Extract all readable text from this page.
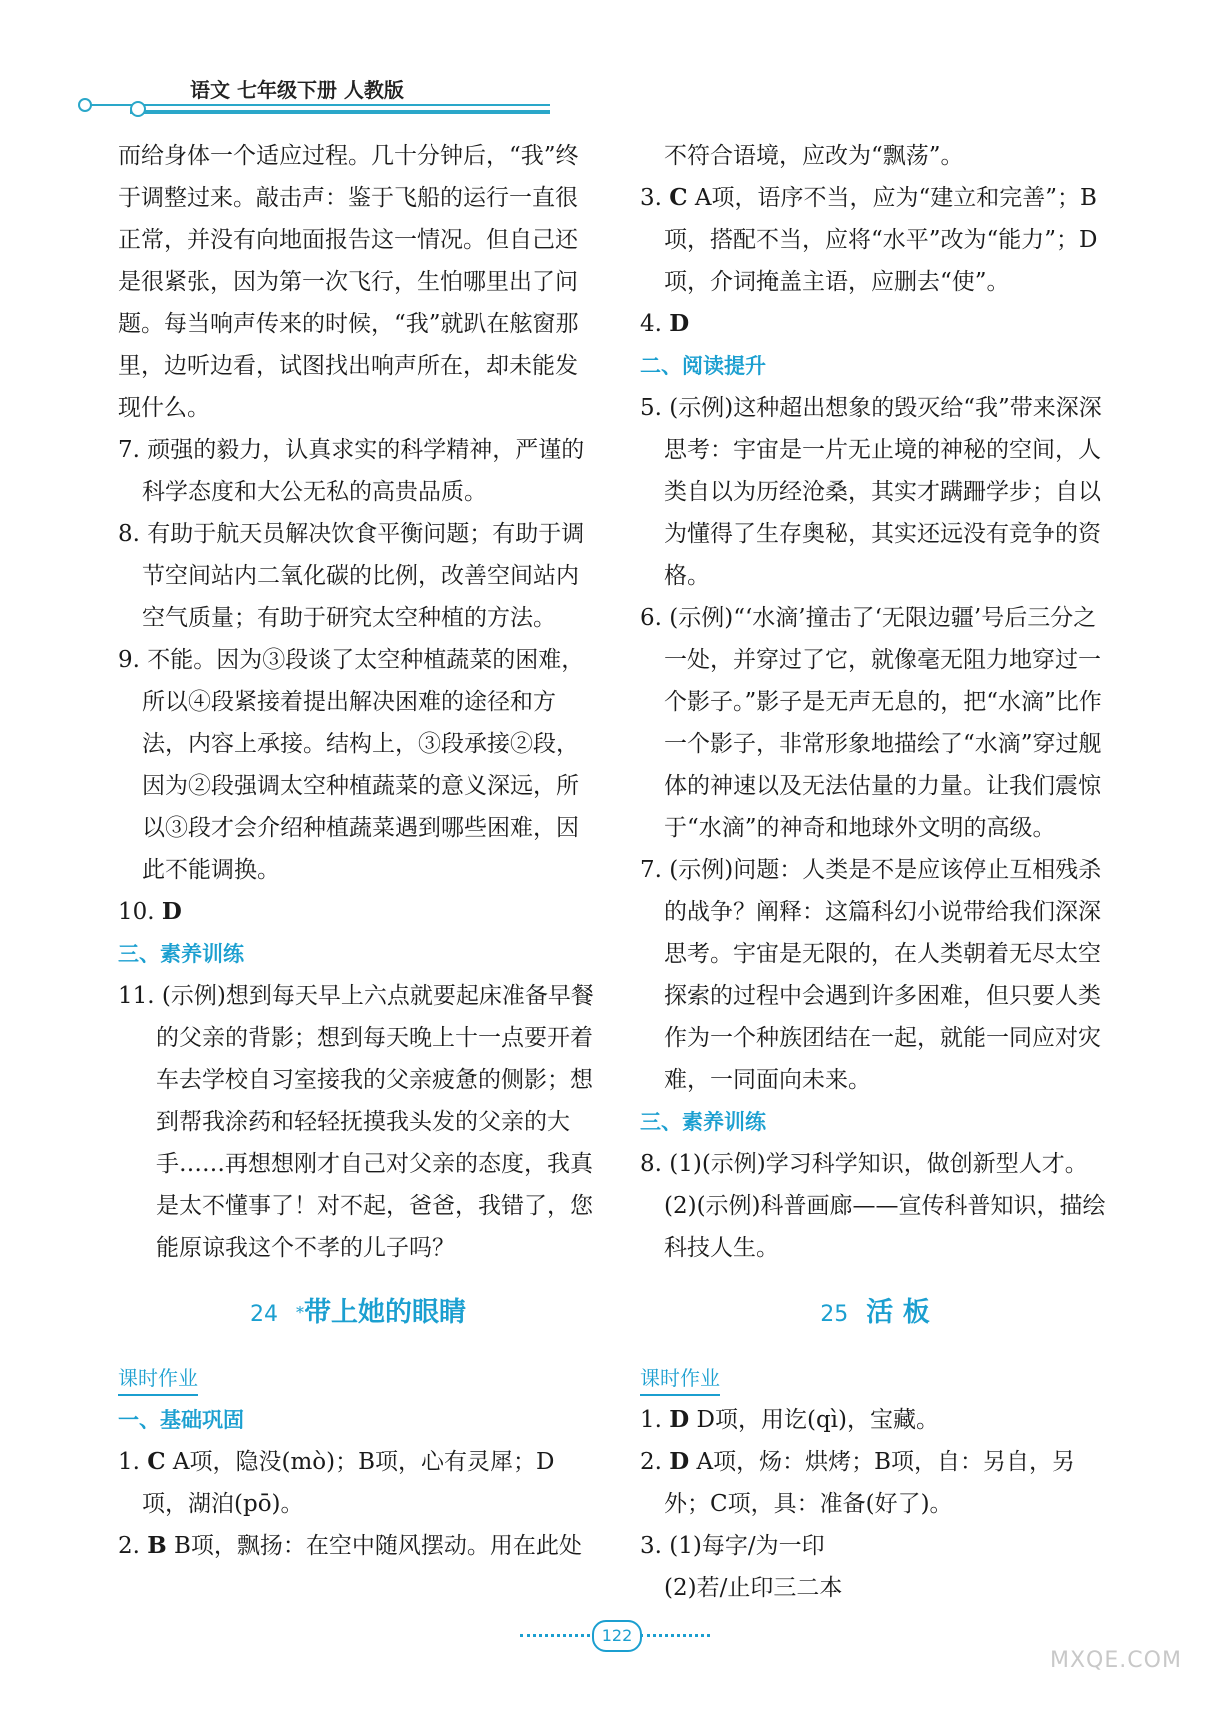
语文 七年级下册 人教版

而给身体一个适应过程。几十分钟后，“我”终于调整过来。敲击声：鉴于飞船的运行一直很正常，并没有向地面报告这一情况。但自己还是很紧张，因为第一次飞行，生怕哪里出了问题。每当响声传来的时候，“我”就趴在舷窗那里，边听边看，试图找出响声所在，却未能发现什么。

7. 顽强的毅力，认真求实的科学精神，严谨的科学态度和大公无私的高贵品质。

8. 有助于航天员解决饮食平衡问题；有助于调节空间站内二氧化碳的比例，改善空间站内空气质量；有助于研究太空种植的方法。

9. 不能。因为③段谈了太空种植蔬菜的困难，所以④段紧接着提出解决困难的途径和方法，内容上承接。结构上，③段承接②段，因为②段强调太空种植蔬菜的意义深远，所以③段才会介绍种植蔬菜遇到哪些困难，因此不能调换。

10. D

三、素养训练

11. (示例)想到每天早上六点就要起床准备早餐的父亲的背影；想到每天晚上十一点要开着车去学校自习室接我的父亲疲惫的侧影；想到帮我涂药和轻轻抚摸我头发的父亲的大手……再想想刚才自己对父亲的态度，我真是太不懂事了！对不起，爸爸，我错了，您能原谅我这个不孝的儿子吗？

24 *带上她的眼睛
课时作业

一、基础巩固

1. C A项，隐没(mò)；B项，心有灵犀；D项，湖泊(pō)。

2. B B项，飘扬：在空中随风摆动。用在此处

不符合语境，应改为“飘荡”。

3. C A项，语序不当，应为“建立和完善”；B项，搭配不当，应将“水平”改为“能力”；D项，介词掩盖主语，应删去“使”。

4. D

二、阅读提升

5. (示例)这种超出想象的毁灭给“我”带来深深思考：宇宙是一片无止境的神秘的空间，人类自以为历经沧桑，其实才蹒跚学步；自以为懂得了生存奥秘，其实还远没有竞争的资格。

6. (示例)“‘水滴’撞击了‘无限边疆’号后三分之一处，并穿过了它，就像毫无阻力地穿过一个影子。”影子是无声无息的，把“水滴”比作一个影子，非常形象地描绘了“水滴”穿过舰体的神速以及无法估量的力量。让我们震惊于“水滴”的神奇和地球外文明的高级。

7. (示例)问题：人类是不是应该停止互相残杀的战争？阐释：这篇科幻小说带给我们深深思考。宇宙是无限的，在人类朝着无尽太空探索的过程中会遇到许多困难，但只要人类作为一个种族团结在一起，就能一同应对灾难，一同面向未来。

三、素养训练

8. (1)(示例)学习科学知识，做创新型人才。

(2)(示例)科普画廊——宣传科普知识，描绘科技人生。

25 活 板
课时作业

1. D D项，用讫(qì)，宝藏。

2. D A项，炀：烘烤；B项，自：另自，另外；C项，具：准备(好了)。

3. (1)每字/为一印

(2)若/止印三二本

122
MXQE.COM
